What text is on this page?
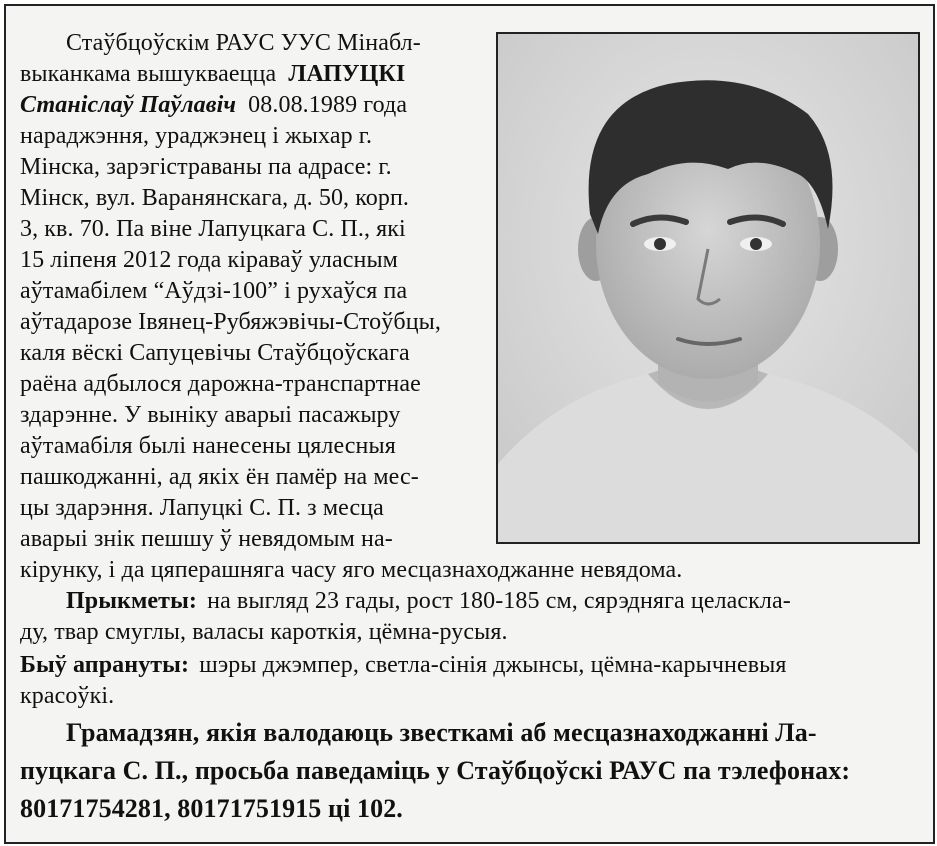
Стаўбцоўскім РАУС УУС Мінабл-
выканкама вышукваецца ЛАПУЦКІ
Станіслаў Паўлавіч 08.08.1989 года
нараджэння, ураджэнец і жыхар г.
Мінска, зарэгістраваны па адрасе: г.
Мінск, вул. Варанянскага, д. 50, корп.
3, кв. 70. Па віне Лапуцкага С. П., які
15 ліпеня 2012 года кіраваў уласным
аўтамабілем “Аўдзі-100” і рухаўся па
аўтадарозе Івянец-Рубяжэвічы-Стоўбцы,
каля вёскі Сапуцевічы Стаўбцоўскага
раёна адбылося дарожна-транспартнае
здарэнне. У выніку аварыі пасажыру
аўтамабіля былі нанесены цялесныя
пашкоджанні, ад якіх ён памёр на мес-
цы здарэння. Лапуцкі С. П. з месца
аварыі знік пешшу ў невядомым на-
кірунку, і да цяперашняга часу яго месцазнаходжанне невядома.
Прыкметы: на выгляд 23 гады, рост 180-185 см, сярэдняга целаскла-
ду, твар смуглы, валасы кароткія, цёмна-русыя.
Быў апрануты: шэры джэмпер, светла-сінія джынсы, цёмна-карычневыя
красоўкі.
Грамадзян, якія валодаюць звесткамі аб месцазнаходжанні Ла-
пуцкага С. П., просьба паведаміць у Стаўбцоўскі РАУС па тэлефонах:
80171754281, 80171751915 ці 102.
